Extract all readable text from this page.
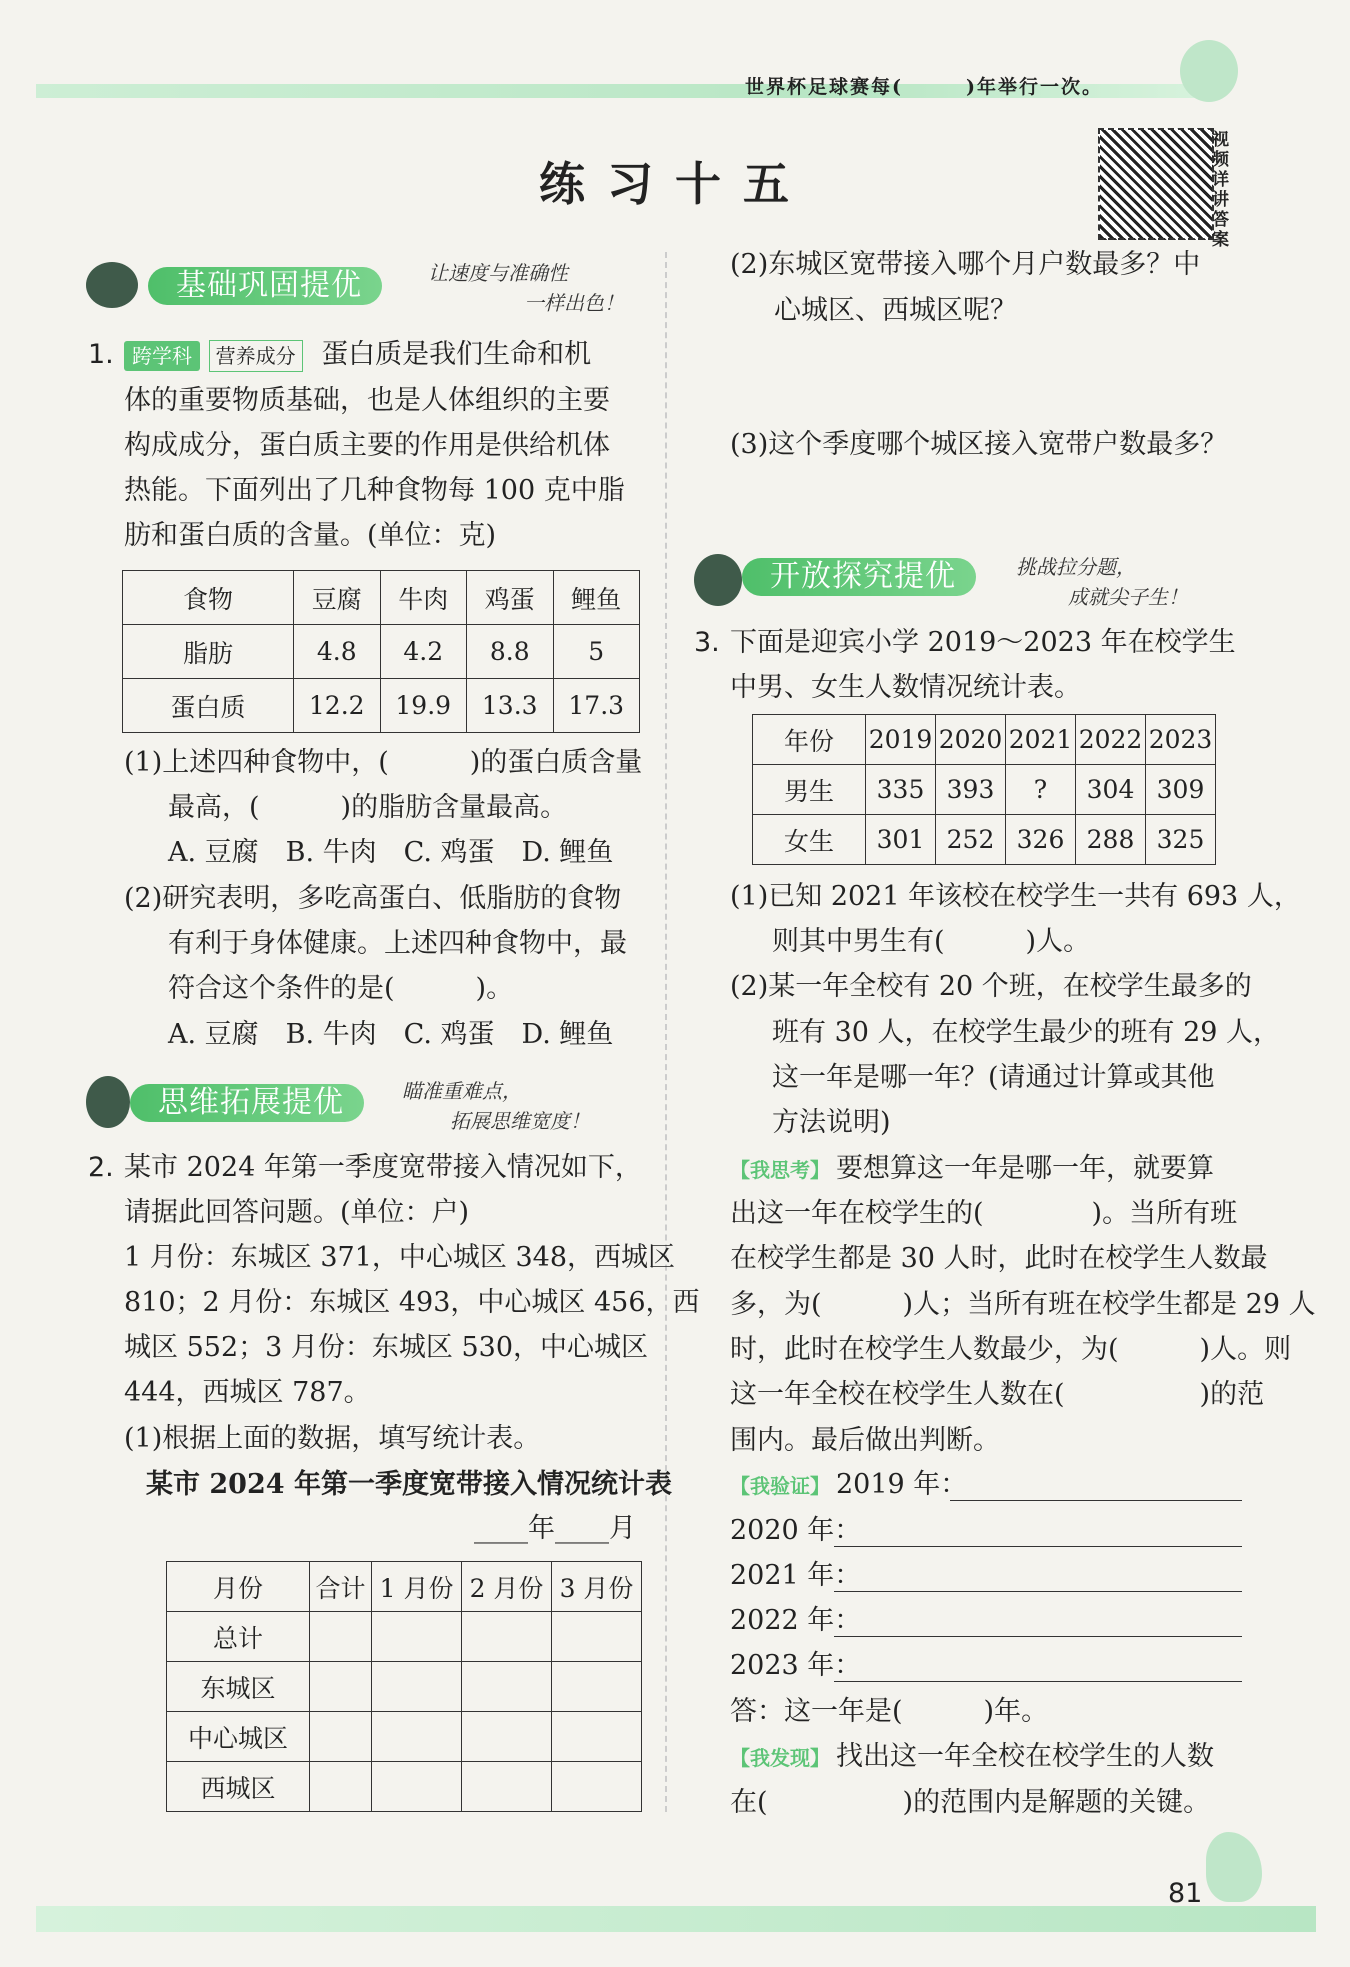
世界杯足球赛每(　　　)年举行一次。
练习十五
视频详讲答案
基础巩固提优	让速度与准确性
一样出色！
1. 跨学科 营养成分 蛋白质是我们生命和机
体的重要物质基础，也是人体组织的主要
构成成分，蛋白质主要的作用是供给机体
热能。下面列出了几种食物每 100 克中脂
肪和蛋白质的含量。(单位：克)
食物	豆腐	牛肉	鸡蛋	鲤鱼
脂肪	4.8	4.2	8.8	5
蛋白质	12.2	19.9	13.3	17.3
(1)上述四种食物中，(　　　)的蛋白质含量
最高，(　　　)的脂肪含量最高。
A. 豆腐　B. 牛肉　C. 鸡蛋　D. 鲤鱼
(2)研究表明，多吃高蛋白、低脂肪的食物
有利于身体健康。上述四种食物中，最
符合这个条件的是(　　　)。
A. 豆腐　B. 牛肉　C. 鸡蛋　D. 鲤鱼
思维拓展提优	瞄准重难点，
拓展思维宽度！
2. 某市 2024 年第一季度宽带接入情况如下，
请据此回答问题。(单位：户)
1 月份：东城区 371，中心城区 348，西城区
810；2 月份：东城区 493，中心城区 456，西
城区 552；3 月份：东城区 530，中心城区
444，西城区 787。
(1)根据上面的数据，填写统计表。
某市 2024 年第一季度宽带接入情况统计表
____年____月
月份	合计	1 月份	2 月份	3 月份
总计				
东城区				
中心城区				
西城区				
(2)东城区宽带接入哪个月户数最多？中
心城区、西城区呢？
(3)这个季度哪个城区接入宽带户数最多？
开放探究提优	挑战拉分题，
成就尖子生！
3. 下面是迎宾小学 2019～2023 年在校学生
中男、女生人数情况统计表。
年份	2019	2020	2021	2022	2023
男生	335	393	?	304	309
女生	301	252	326	288	325
(1)已知 2021 年该校在校学生一共有 693 人，
则其中男生有(　　　)人。
(2)某一年全校有 20 个班，在校学生最多的
班有 30 人，在校学生最少的班有 29 人，
这一年是哪一年？(请通过计算或其他
方法说明)
【我思考】 要想算这一年是哪一年，就要算
出这一年在校学生的(　　　　)。当所有班
在校学生都是 30 人时，此时在校学生人数最
多，为(　　　)人；当所有班在校学生都是 29 人
时，此时在校学生人数最少，为(　　　)人。则
这一年全校在校学生人数在(　　　　　)的范
围内。最后做出判断。
【我验证】 2019 年：
2020 年：
2021 年：
2022 年：
2023 年：
答：这一年是(　　　)年。
【我发现】 找出这一年全校在校学生的人数
在(　　　　　)的范围内是解题的关键。
81
